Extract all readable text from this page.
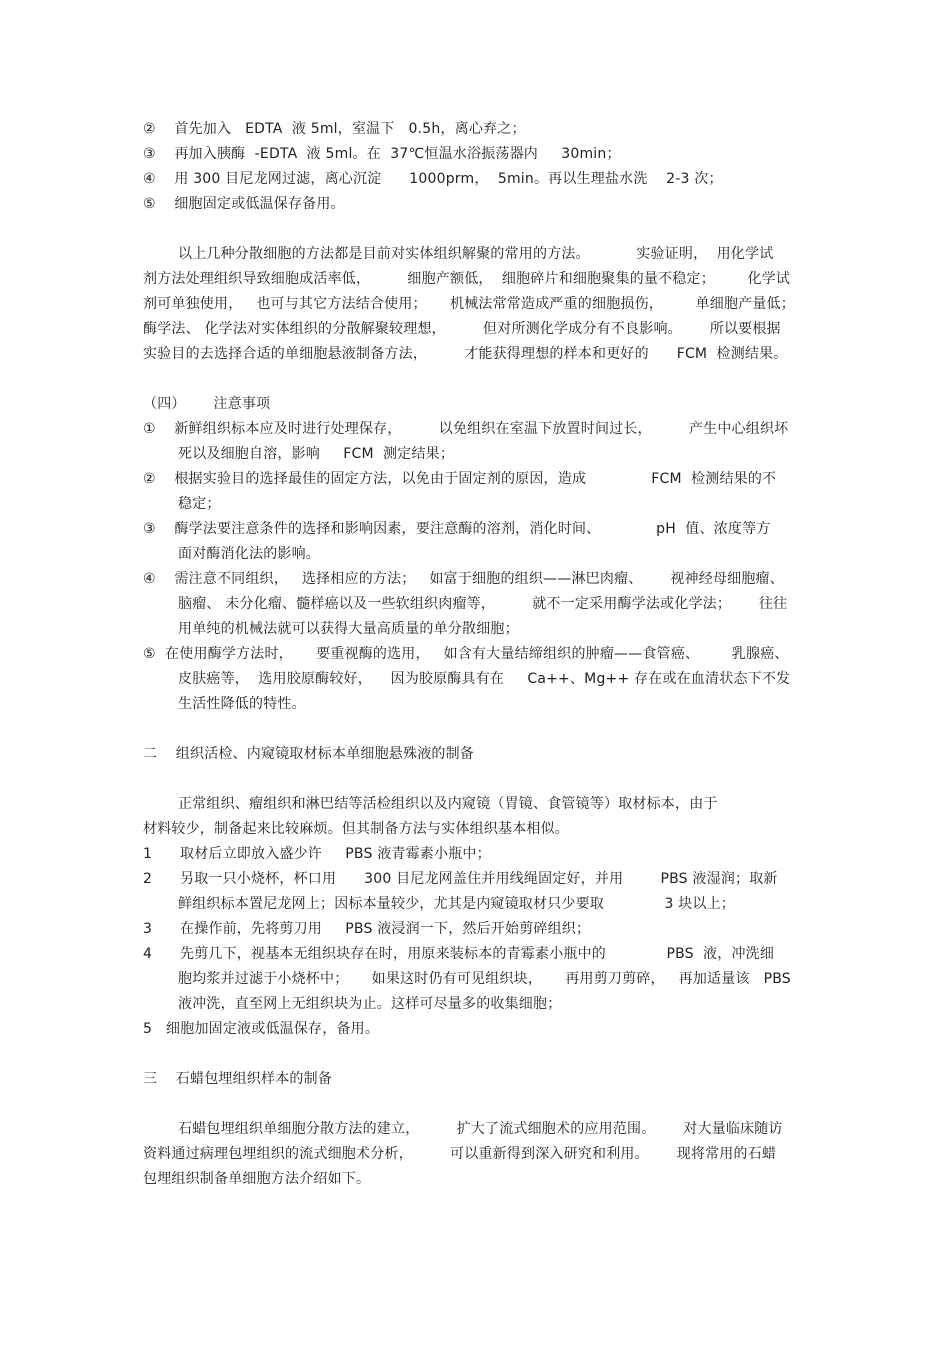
②    首先加入   EDTA  液 5ml，室温下   0.5h，离心弃之；
③    再加入胰酶  -EDTA  液 5ml。在  37℃恒温水浴振荡器内     30min；
④    用 300 目尼龙网过滤，离心沉淀      1000prm，  5min。再以生理盐水洗    2-3 次；
⑤    细胞固定或低温保存备用。
以上几种分散细胞的方法都是目前对实体组织解聚的常用的方法。          实验证明，  用化学试
剂方法处理组织导致细胞成活率低，        细胞产额低，  细胞碎片和细胞聚集的量不稳定；       化学试
剂可单独使用，   也可与其它方法结合使用；     机械法常常造成严重的细胞损伤，       单细胞产量低；
酶学法、 化学法对实体组织的分散解聚较理想，        但对所测化学成分有不良影响。      所以要根据
实验目的去选择合适的单细胞悬液制备方法，        才能获得理想的样本和更好的      FCM  检测结果。
（四）      注意事项
①    新鲜组织标本应及时进行处理保存，        以免组织在室温下放置时间过长，        产生中心组织坏
死以及细胞自溶，影响     FCM  测定结果；
②    根据实验目的选择最佳的固定方法，以免由于固定剂的原因，造成              FCM  检测结果的不
稳定；
③    酶学法要注意条件的选择和影响因素，要注意酶的溶剂，消化时间、            pH  值、浓度等方
面对酶消化法的影响。
④    需注意不同组织，   选择相应的方法；   如富于细胞的组织——淋巴肉瘤、      视神经母细胞瘤、
脑瘤、 未分化瘤、髓样癌以及一些软组织肉瘤等，        就不一定采用酶学法或化学法；      往往
用单纯的机械法就可以获得大量高质量的单分散细胞；
⑤  在使用酶学方法时，     要重视酶的选用，   如含有大量结缔组织的肿瘤——食管癌、       乳腺癌、
皮肤癌等，  选用胶原酶较好，    因为胶原酶具有在     Ca++、Mg++ 存在或在血清状态下不发
生活性降低的特性。
二    组织活检、内窥镜取材标本单细胞悬殊液的制备
正常组织、瘤组织和淋巴结等活检组织以及内窥镜（胃镜、食管镜等）取材标本，由于
材料较少，制备起来比较麻烦。但其制备方法与实体组织基本相似。
1      取材后立即放入盛少许     PBS 液青霉素小瓶中；
2      另取一只小烧杯，杯口用      300 目尼龙网盖住并用线绳固定好，并用        PBS 液湿润；取新
鲜组织标本置尼龙网上；因标本量较少，尤其是内窥镜取材只少要取             3 块以上；
3      在操作前，先将剪刀用     PBS 液浸润一下，然后开始剪碎组织；
4      先剪几下，视基本无组织块存在时，用原来装标本的青霉素小瓶中的             PBS  液，冲洗细
胞均浆并过滤于小烧杯中；     如果这时仍有可见组织块，     再用剪刀剪碎，   再加适量该   PBS
液冲洗，直至网上无组织块为止。这样可尽量多的收集细胞；
5   细胞加固定液或低温保存，备用。
三    石蜡包埋组织样本的制备
石蜡包埋组织单细胞分散方法的建立，        扩大了流式细胞术的应用范围。      对大量临床随访
资料通过病理包埋组织的流式细胞术分析，        可以重新得到深入研究和利用。      现将常用的石蜡
包埋组织制备单细胞方法介绍如下。
